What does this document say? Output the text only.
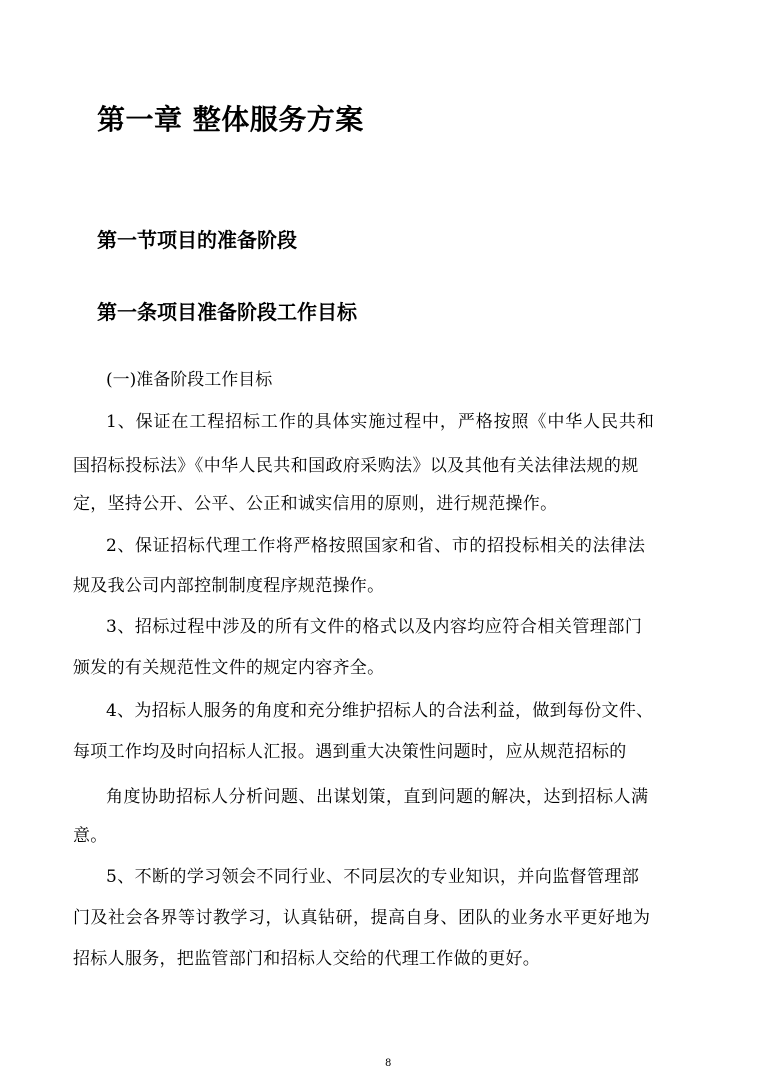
第一章 整体服务方案
第一节项目的准备阶段
第一条项目准备阶段工作目标
(一)准备阶段工作目标
1、保证在工程招标工作的具体实施过程中，严格按照《中华人民共和
国招标投标法》《中华人民共和国政府采购法》以及其他有关法律法规的规
定，坚持公开、公平、公正和诚实信用的原则，进行规范操作。
2、保证招标代理工作将严格按照国家和省、市的招投标相关的法律法
规及我公司内部控制制度程序规范操作。
3、招标过程中涉及的所有文件的格式以及内容均应符合相关管理部门
颁发的有关规范性文件的规定内容齐全。
4、为招标人服务的角度和充分维护招标人的合法利益，做到每份文件、
每项工作均及时向招标人汇报。遇到重大决策性问题时，应从规范招标的
角度协助招标人分析问题、出谋划策，直到问题的解决，达到招标人满
意。
5、不断的学习领会不同行业、不同层次的专业知识，并向监督管理部
门及社会各界等讨教学习，认真钻研，提高自身、团队的业务水平更好地为
招标人服务，把监管部门和招标人交给的代理工作做的更好。
8
